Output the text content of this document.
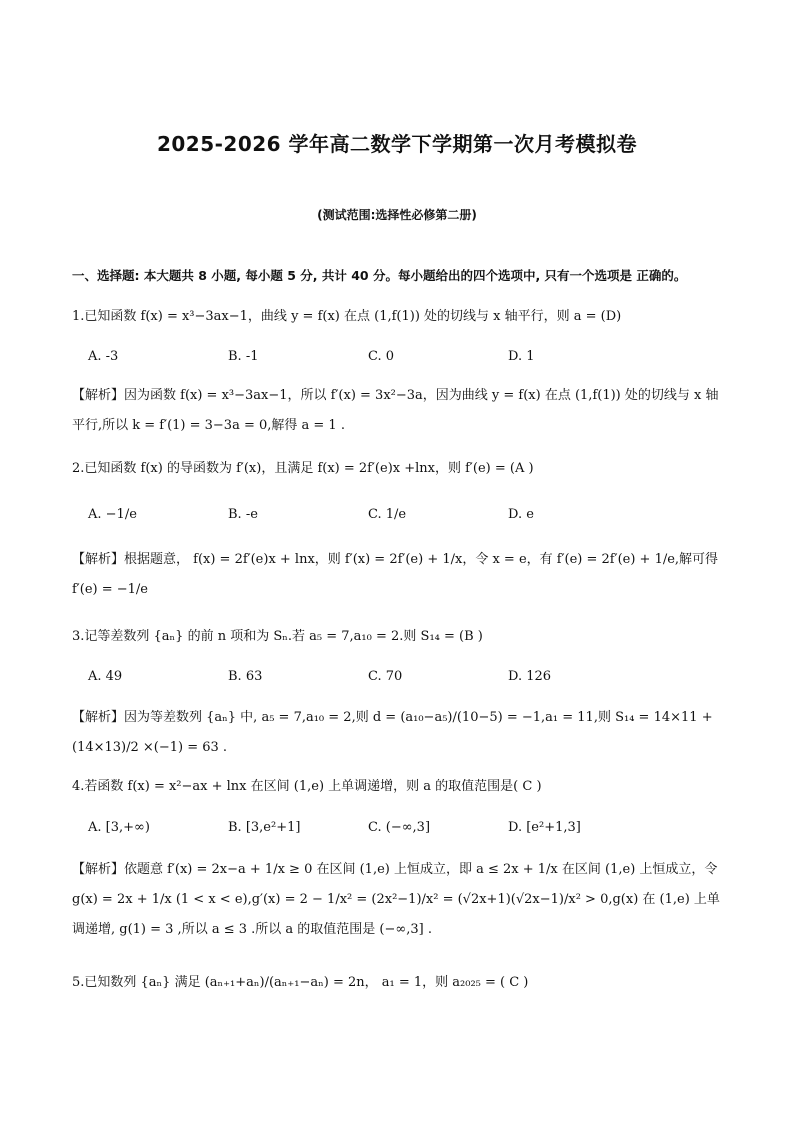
2025-2026 学年高二数学下学期第一次月考模拟卷
(测试范围:选择性必修第二册)
一、选择题: 本大题共 8 小题, 每小题 5 分, 共计 40 分。每小题给出的四个选项中, 只有一个选项是 正确的。
1.已知函数 f(x) = x³−3ax−1，曲线 y = f(x) 在点 (1,f(1)) 处的切线与 x 轴平行，则 a = (D)
A. -3	B. -1	C. 0	D. 1
【解析】因为函数 f(x) = x³−3ax−1，所以 f′(x) = 3x²−3a，因为曲线 y = f(x) 在点 (1,f(1)) 处的切线与 x 轴平行,所以 k = f′(1) = 3−3a = 0,解得 a = 1 .
2.已知函数 f(x) 的导函数为 f′(x)，且满足 f(x) = 2f′(e)x +lnx，则 f′(e) = (A )
A. −1/e	B. -e	C. 1/e	D. e
【解析】根据题意， f(x) = 2f′(e)x + lnx，则 f′(x) = 2f′(e) + 1/x，令 x = e，有 f′(e) = 2f′(e) + 1/e,解可得 f′(e) = −1/e
3.记等差数列 {aₙ} 的前 n 项和为 Sₙ.若 a₅ = 7,a₁₀ = 2.则 S₁₄ = (B )
A. 49	B. 63	C. 70	D. 126
【解析】因为等差数列 {aₙ} 中, a₅ = 7,a₁₀ = 2,则 d = (a₁₀−a₅)/(10−5) = −1,a₁ = 11,则 S₁₄ = 14×11 + (14×13)/2 ×(−1) = 63 .
4.若函数 f(x) = x²−ax + lnx 在区间 (1,e) 上单调递增，则 a 的取值范围是( C )
A. [3,+∞)	B. [3,e²+1]	C. (−∞,3]	D. [e²+1,3]
【解析】依题意 f′(x) = 2x−a + 1/x ≥ 0 在区间 (1,e) 上恒成立，即 a ≤ 2x + 1/x 在区间 (1,e) 上恒成立，令 g(x) = 2x + 1/x (1 < x < e),g′(x) = 2 − 1/x² = (2x²−1)/x² = (√2x+1)(√2x−1)/x² > 0,g(x) 在 (1,e) 上单调递增, g(1) = 3 ,所以 a ≤ 3 .所以 a 的取值范围是 (−∞,3] .
5.已知数列 {aₙ} 满足 (aₙ₊₁+aₙ)/(aₙ₊₁−aₙ) = 2n， a₁ = 1，则 a₂₀₂₅ = ( C )
